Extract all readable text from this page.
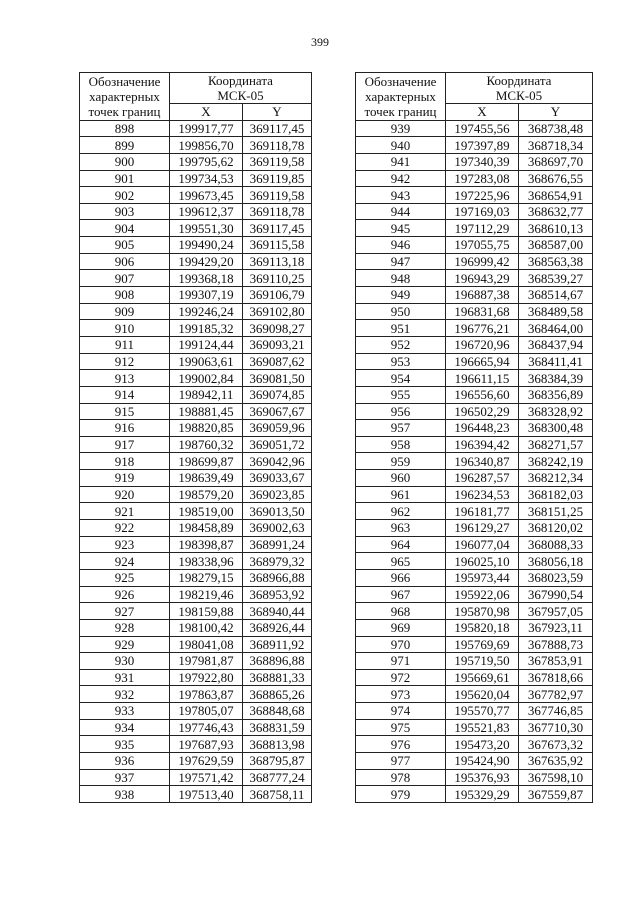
399
Обозначение
характерных
точек границ	Координата
МСК-05	
	X	Y
898	199917,77	369117,45
899	199856,70	369118,78
900	199795,62	369119,58
901	199734,53	369119,85
902	199673,45	369119,58
903	199612,37	369118,78
904	199551,30	369117,45
905	199490,24	369115,58
906	199429,20	369113,18
907	199368,18	369110,25
908	199307,19	369106,79
909	199246,24	369102,80
910	199185,32	369098,27
911	199124,44	369093,21
912	199063,61	369087,62
913	199002,84	369081,50
914	198942,11	369074,85
915	198881,45	369067,67
916	198820,85	369059,96
917	198760,32	369051,72
918	198699,87	369042,96
919	198639,49	369033,67
920	198579,20	369023,85
921	198519,00	369013,50
922	198458,89	369002,63
923	198398,87	368991,24
924	198338,96	368979,32
925	198279,15	368966,88
926	198219,46	368953,92
927	198159,88	368940,44
928	198100,42	368926,44
929	198041,08	368911,92
930	197981,87	368896,88
931	197922,80	368881,33
932	197863,87	368865,26
933	197805,07	368848,68
934	197746,43	368831,59
935	197687,93	368813,98
936	197629,59	368795,87
937	197571,42	368777,24
938	197513,40	368758,11
Обозначение
характерных
точек границ	Координата
МСК-05	
	X	Y
939	197455,56	368738,48
940	197397,89	368718,34
941	197340,39	368697,70
942	197283,08	368676,55
943	197225,96	368654,91
944	197169,03	368632,77
945	197112,29	368610,13
946	197055,75	368587,00
947	196999,42	368563,38
948	196943,29	368539,27
949	196887,38	368514,67
950	196831,68	368489,58
951	196776,21	368464,00
952	196720,96	368437,94
953	196665,94	368411,41
954	196611,15	368384,39
955	196556,60	368356,89
956	196502,29	368328,92
957	196448,23	368300,48
958	196394,42	368271,57
959	196340,87	368242,19
960	196287,57	368212,34
961	196234,53	368182,03
962	196181,77	368151,25
963	196129,27	368120,02
964	196077,04	368088,33
965	196025,10	368056,18
966	195973,44	368023,59
967	195922,06	367990,54
968	195870,98	367957,05
969	195820,18	367923,11
970	195769,69	367888,73
971	195719,50	367853,91
972	195669,61	367818,66
973	195620,04	367782,97
974	195570,77	367746,85
975	195521,83	367710,30
976	195473,20	367673,32
977	195424,90	367635,92
978	195376,93	367598,10
979	195329,29	367559,87
